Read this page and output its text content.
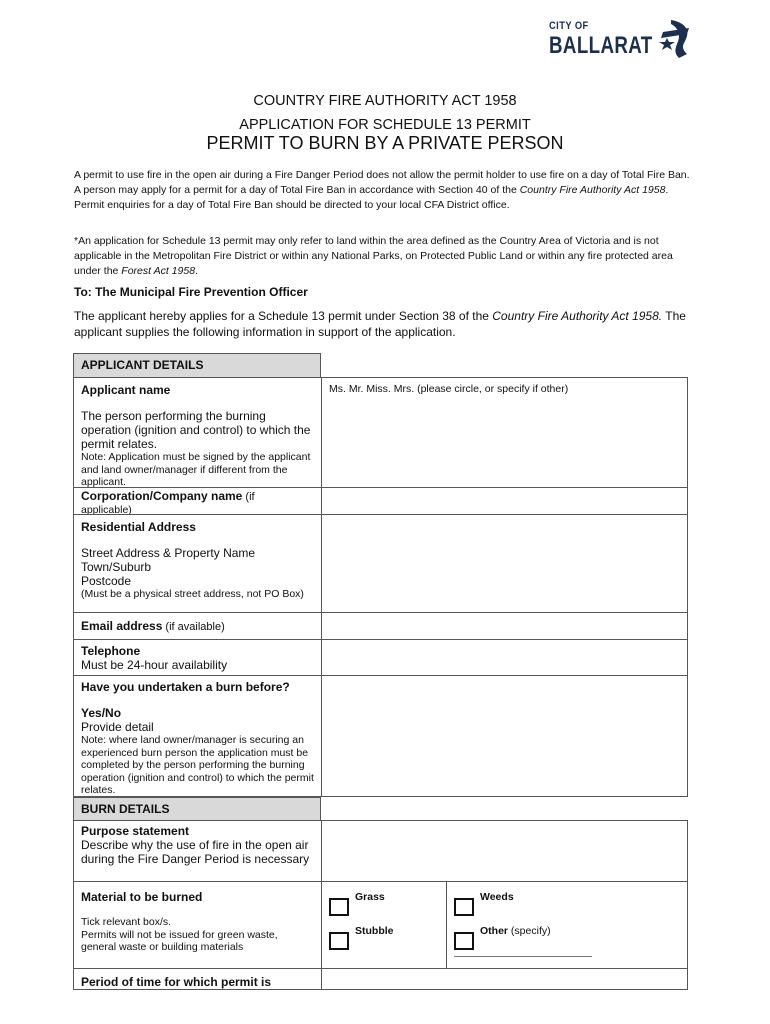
CITY OF
BALLARAT
COUNTRY FIRE AUTHORITY ACT 1958
APPLICATION FOR SCHEDULE 13 PERMIT
PERMIT TO BURN BY A PRIVATE PERSON
A permit to use fire in the open air during a Fire Danger Period does not allow the permit holder to use fire on a day of Total Fire Ban. A person may apply for a permit for a day of Total Fire Ban in accordance with Section 40 of the Country Fire Authority Act 1958. Permit enquiries for a day of Total Fire Ban should be directed to your local CFA District office.
*An application for Schedule 13 permit may only refer to land within the area defined as the Country Area of Victoria and is not applicable in the Metropolitan Fire District or within any National Parks, on Protected Public Land or within any fire protected area under the Forest Act 1958.
To: The Municipal Fire Prevention Officer
The applicant hereby applies for a Schedule 13 permit under Section 38 of the Country Fire Authority Act 1958. The applicant supplies the following information in support of the application.
APPLICANT DETAILS
Applicant name
The person performing the burning operation (ignition and control) to which the permit relates.
Note: Application must be signed by the applicant and land owner/manager if different from the applicant.
Ms. Mr. Miss. Mrs. (please circle, or specify if other)
Corporation/Company name (if
applicable)
Residential Address
Street Address & Property Name
Town/Suburb
Postcode
(Must be a physical street address, not PO Box)
Email address (if available)
Telephone
Must be 24-hour availability
Have you undertaken a burn before?
Yes/No
Provide detail
Note: where land owner/manager is securing an experienced burn person the application must be completed by the person performing the burning operation (ignition and control) to which the permit relates.
BURN DETAILS
Purpose statement
Describe why the use of fire in the open air during the Fire Danger Period is necessary
Material to be burned
Tick relevant box/s.
Permits will not be issued for green waste, general waste or building materials
Grass
Stubble
Weeds
Other (specify)
Period of time for which permit is
